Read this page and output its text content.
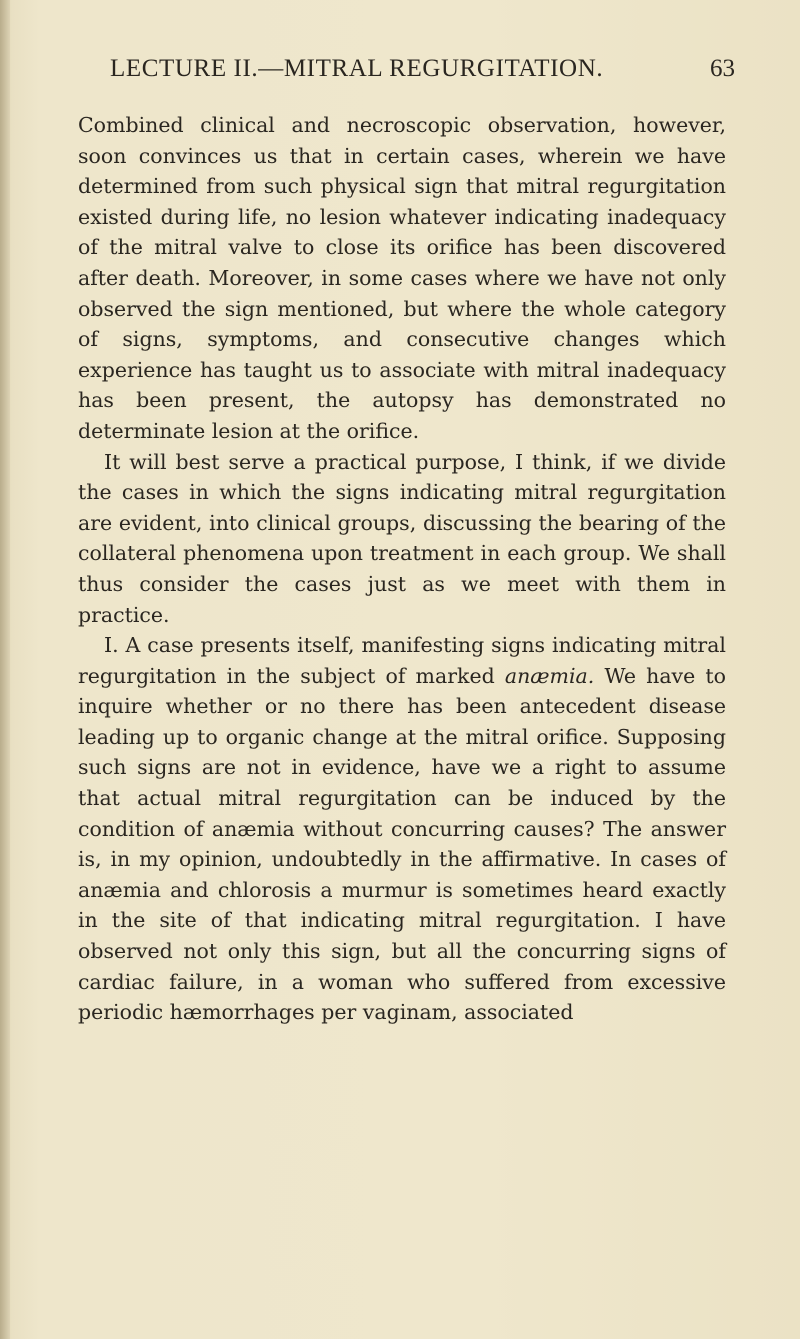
LECTURE II.—MITRAL REGURGITATION.	63

Combined clinical and necroscopic observation, however, soon convinces us that in certain cases, wherein we have determined from such physical sign that mitral regurgitation existed during life, no lesion whatever indicating inadequacy of the mitral valve to close its orifice has been discovered after death. Moreover, in some cases where we have not only observed the sign mentioned, but where the whole category of signs, symptoms, and consecutive changes which experience has taught us to associate with mitral inadequacy has been present, the autopsy has demonstrated no determinate lesion at the orifice.

It will best serve a practical purpose, I think, if we divide the cases in which the signs indicating mitral regurgitation are evident, into clinical groups, discussing the bearing of the collateral phenomena upon treatment in each group. We shall thus consider the cases just as we meet with them in practice.

I. A case presents itself, manifesting signs indicating mitral regurgitation in the subject of marked anæmia. We have to inquire whether or no there has been antecedent disease leading up to organic change at the mitral orifice. Supposing such signs are not in evidence, have we a right to assume that actual mitral regurgitation can be induced by the condition of anæmia without concurring causes? The answer is, in my opinion, undoubtedly in the affirmative. In cases of anæmia and chlorosis a murmur is sometimes heard exactly in the site of that indicating mitral regurgitation. I have observed not only this sign, but all the concurring signs of cardiac failure, in a woman who suffered from excessive periodic hæmorrhages per vaginam, associated
